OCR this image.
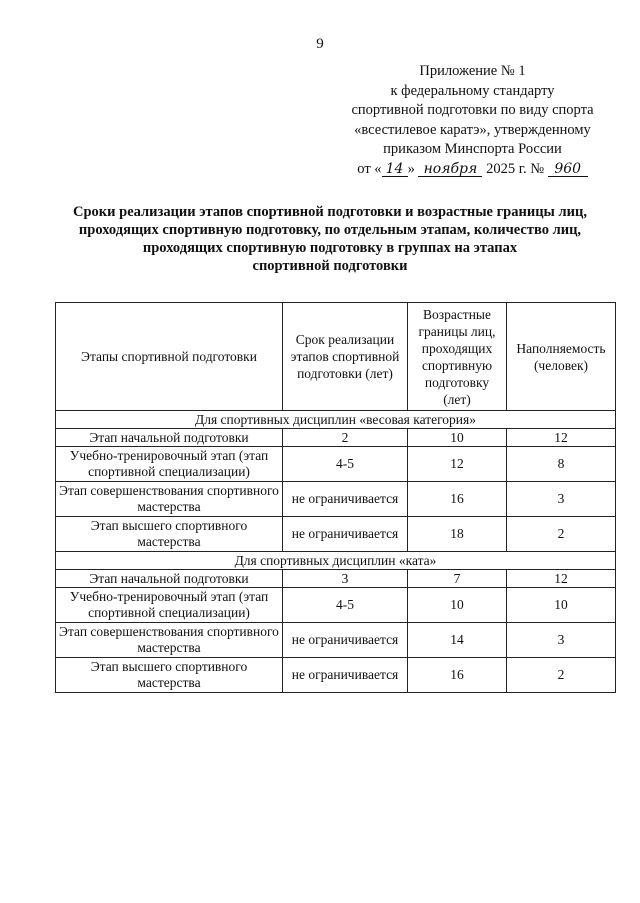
9
Приложение № 1
к федеральному стандарту
спортивной подготовки по виду спорта
«всестилевое каратэ», утвержденному
приказом Минспорта России
от « 14 » ноября 2025 г. № 960
Сроки реализации этапов спортивной подготовки и возрастные границы лиц,
проходящих спортивную подготовку, по отдельным этапам, количество лиц,
проходящих спортивную подготовку в группах на этапах
спортивной подготовки
Этапы спортивной подготовки	Срок реализации этапов спортивной подготовки (лет)	Возрастные границы лиц, проходящих спортивную подготовку (лет)	Наполняемость (человек)
Для спортивных дисциплин «весовая категория»			
Этап начальной подготовки	2	10	12
Учебно-тренировочный этап (этап спортивной специализации)	4-5	12	8
Этап совершенствования спортивного мастерства	не ограничивается	16	3
Этап высшего спортивного мастерства	не ограничивается	18	2
Для спортивных дисциплин «ката»			
Этап начальной подготовки	3	7	12
Учебно-тренировочный этап (этап спортивной специализации)	4-5	10	10
Этап совершенствования спортивного мастерства	не ограничивается	14	3
Этап высшего спортивного мастерства	не ограничивается	16	2
